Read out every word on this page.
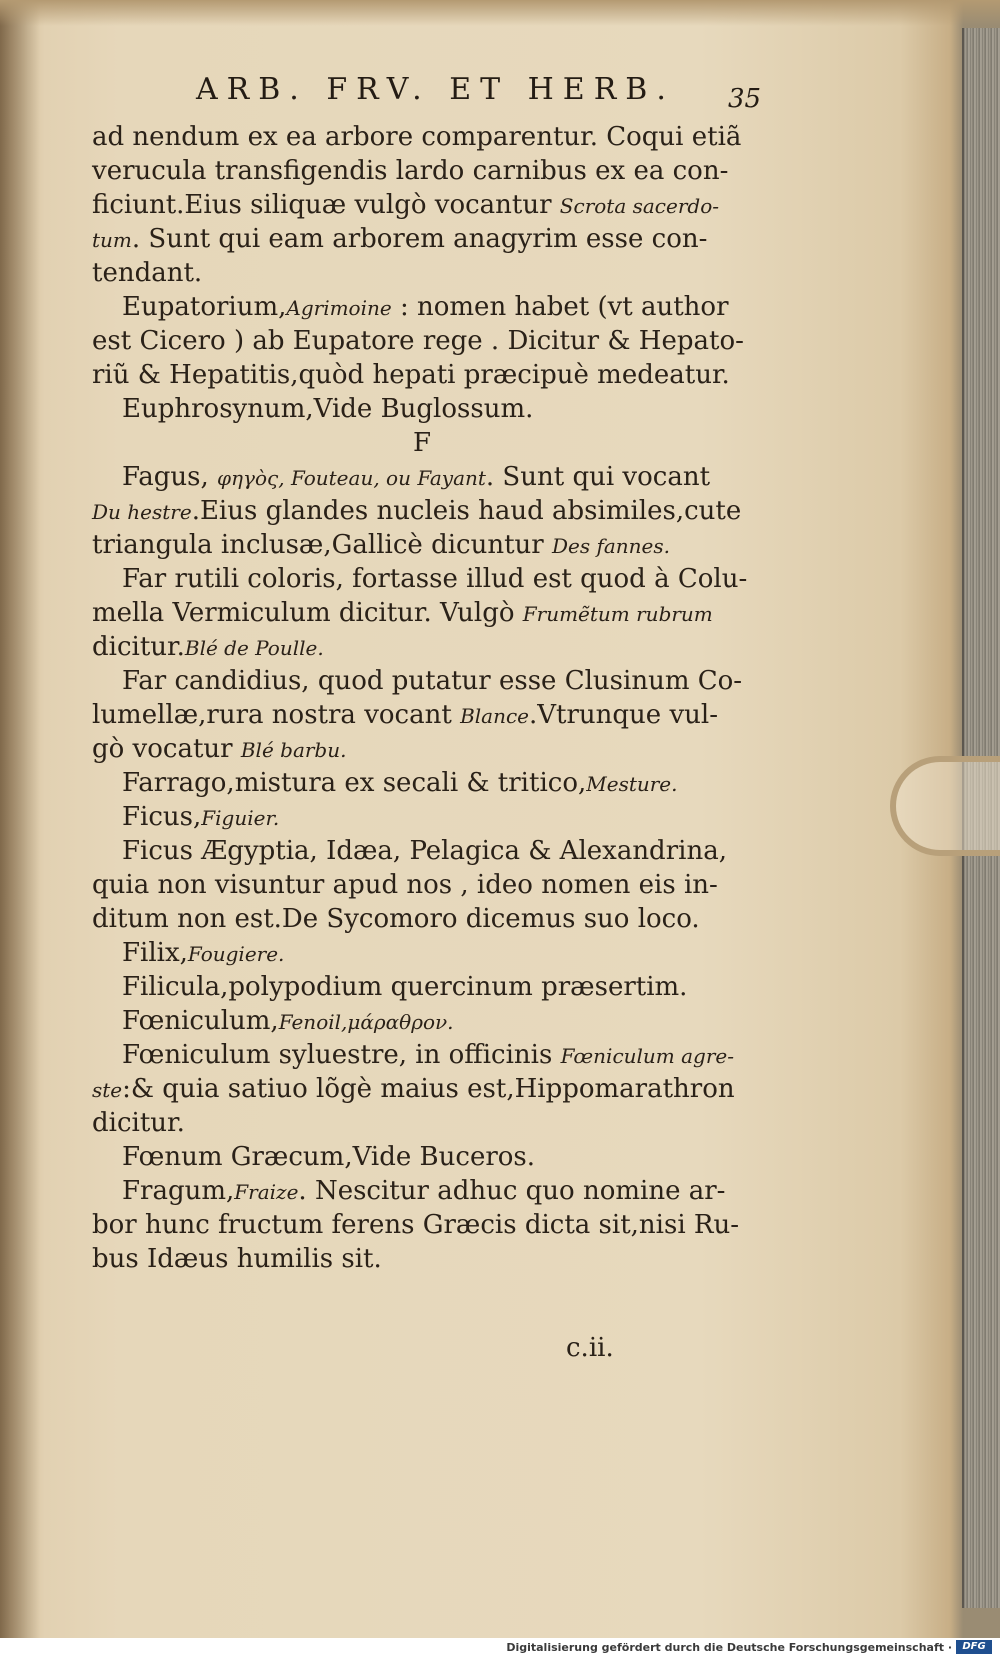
ARB. FRV. ET HERB.	35
ad nendum ex ea arbore comparentur. Coqui etiã
verucula transfigendis lardo carnibus ex ea con-
ficiunt.Eius siliquæ vulgò vocantur Scrota sacerdo-
tum. Sunt qui eam arborem anagyrim esse con-
tendant.
Eupatorium,Agrimoine : nomen habet (vt author
est Cicero ) ab Eupatore rege . Dicitur & Hepato-
riũ & Hepatitis,quòd hepati præcipuè medeatur.
Euphrosynum,Vide Buglossum.
F
Fagus, φηγὸς, Fouteau, ou Fayant. Sunt qui vocant
Du hestre.Eius glandes nucleis haud absimiles,cute
triangula inclusæ,Gallicè dicuntur Des fannes.
Far rutili coloris, fortasse illud est quod à Colu-
mella Vermiculum dicitur. Vulgò Frumẽtum rubrum
dicitur.Blé de Poulle.
Far candidius, quod putatur esse Clusinum Co-
lumellæ,rura nostra vocant Blance.Vtrunque vul-
gò vocatur Blé barbu.
Farrago,mistura ex secali & tritico,Mesture.
Ficus,Figuier.
Ficus Ægyptia, Idæa, Pelagica & Alexandrina,
quia non visuntur apud nos , ideo nomen eis in-
ditum non est.De Sycomoro dicemus suo loco.
Filix,Fougiere.
Filicula,polypodium quercinum præsertim.
Fœniculum,Fenoil,μάραθρον.
Fœniculum syluestre, in officinis Fœniculum agre-
ste:& quia satiuo lõgè maius est,Hippomarathron
dicitur.
Fœnum Græcum,Vide Buceros.
Fragum,Fraize. Nescitur adhuc quo nomine ar-
bor hunc fructum ferens Græcis dicta sit,nisi Ru-
bus Idæus humilis sit.
c.ii.
Digitalisierung gefördert durch die Deutsche Forschungsgemeinschaft ·	DFG
